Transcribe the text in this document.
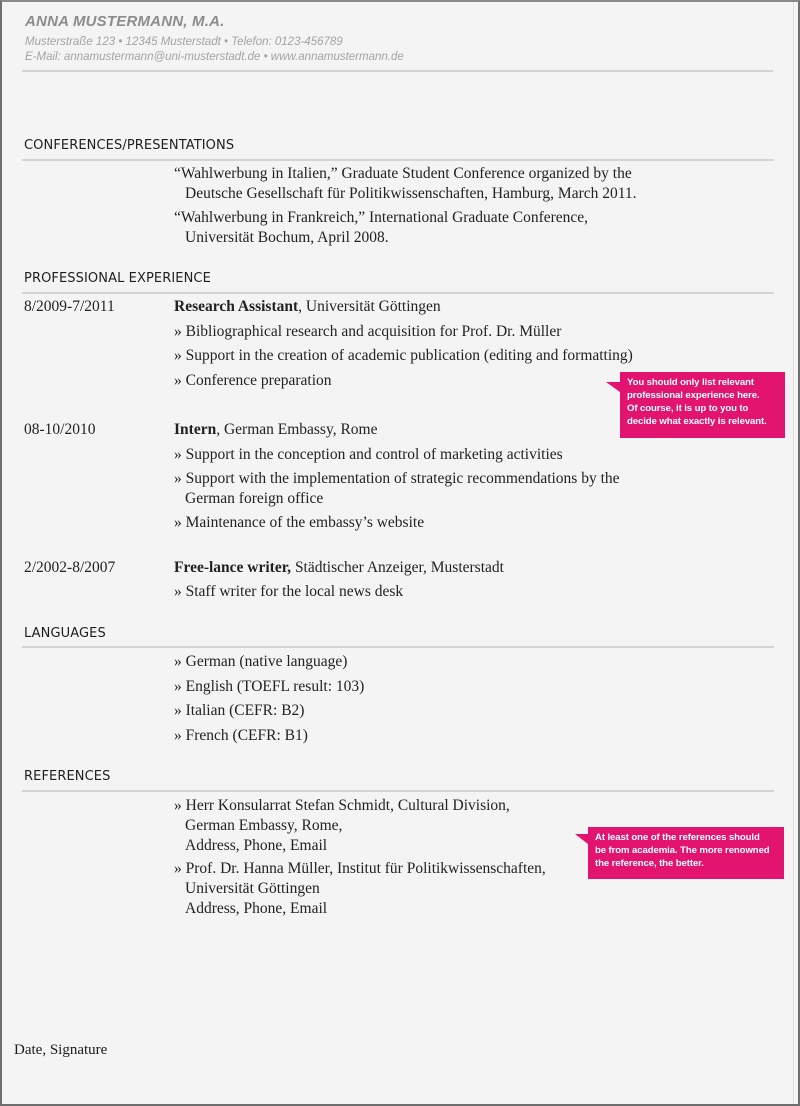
ANNA MUSTERMANN, M.A.
Musterstraße 123 • 12345 Musterstadt • Telefon: 0123-456789
E-Mail: annamustermann@uni-musterstadt.de • www.annamustermann.de
CONFERENCES/PRESENTATIONS
“Wahlwerbung in Italien,” Graduate Student Conference organized by the
Deutsche Gesellschaft für Politikwissenschaften, Hamburg, March 2011.
“Wahlwerbung in Frankreich,” International Graduate Conference,
Universität Bochum, April 2008.
PROFESSIONAL EXPERIENCE
8/2009-7/2011	Research Assistant, Universität Göttingen
» Bibliographical research and acquisition for Prof. Dr. Müller
» Support in the creation of academic publication (editing and formatting)
» Conference preparation	You should only list relevant
professional experience here.
Of course, it is up to you to
decide what exactly is relevant.
08-10/2010	Intern, German Embassy, Rome
» Support in the conception and control of marketing activities
» Support with the implementation of strategic recommendations by the
German foreign office
» Maintenance of the embassy’s website
2/2002-8/2007	Free-lance writer, Städtischer Anzeiger, Musterstadt
» Staff writer for the local news desk
LANGUAGES
» German (native language)
» English (TOEFL result: 103)
» Italian (CEFR: B2)
» French (CEFR: B1)
REFERENCES
» Herr Konsularrat Stefan Schmidt, Cultural Division,
German Embassy, Rome,
Address, Phone, Email
» Prof. Dr. Hanna Müller, Institut für Politikwissenschaften,
Universität Göttingen
Address, Phone, Email
At least one of the references should
be from academia. The more renowned
the reference, the better.
Date, Signature
